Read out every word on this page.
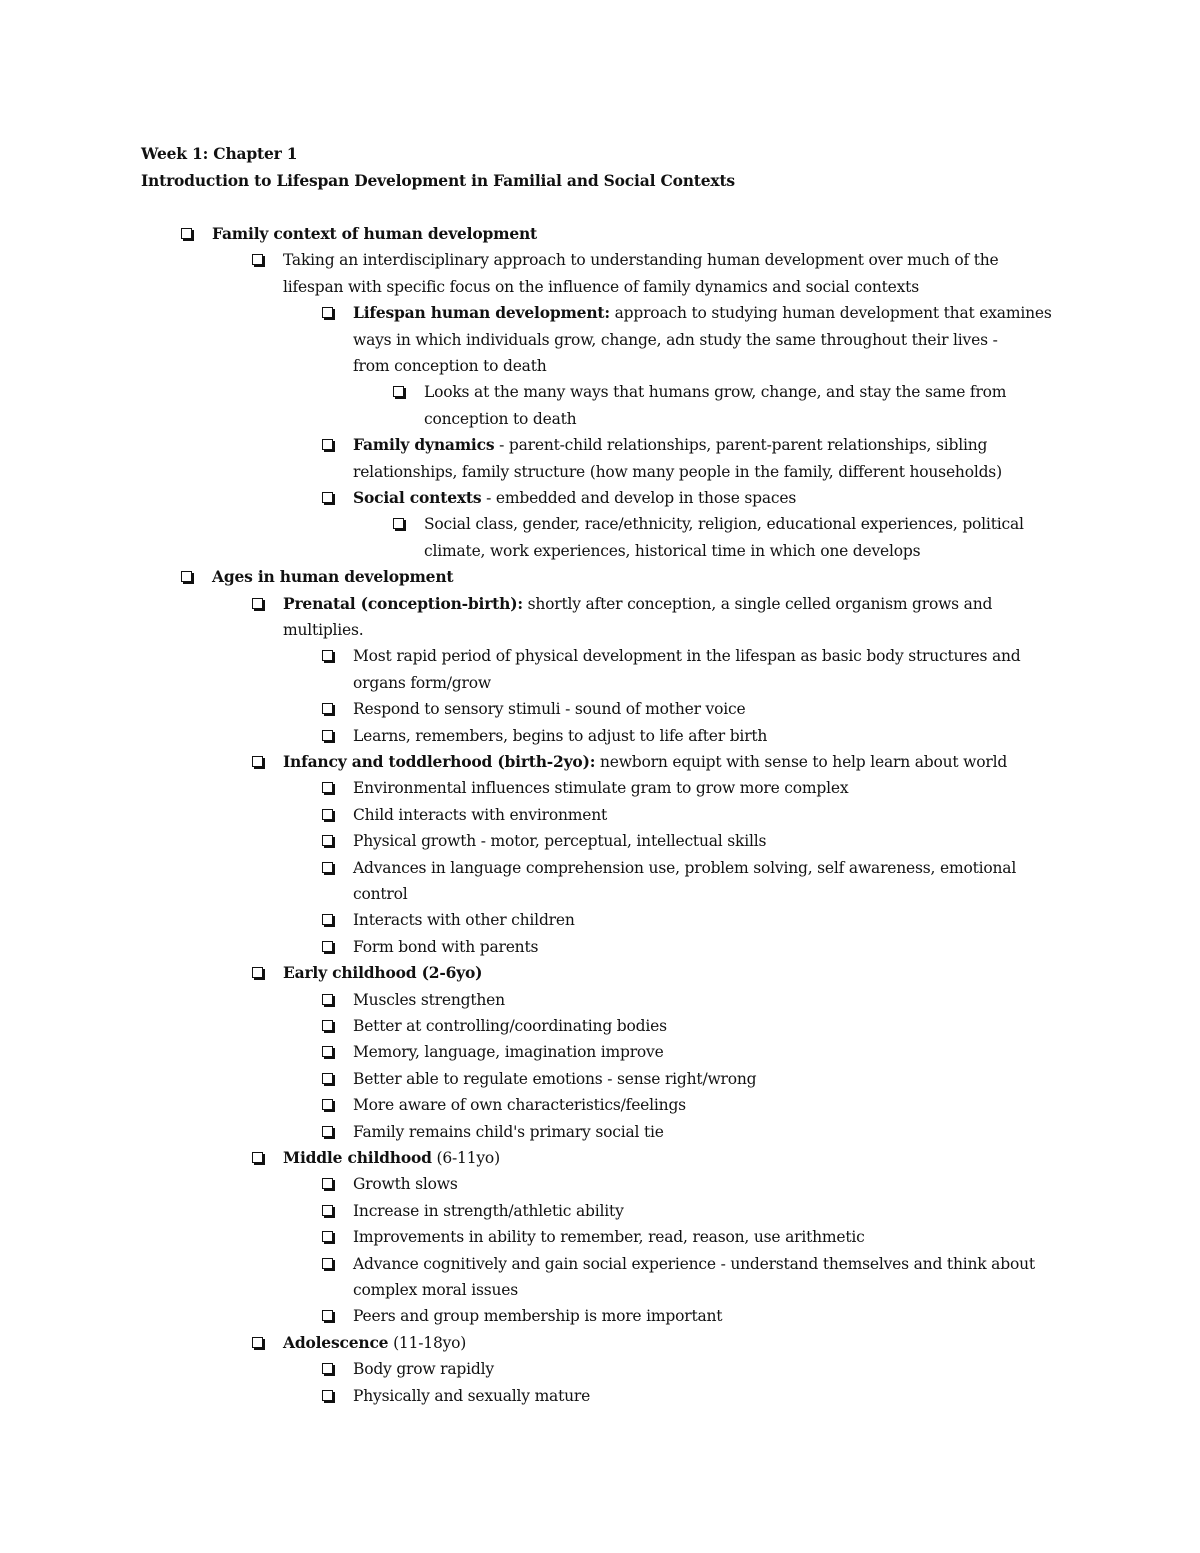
Week 1: Chapter 1
Introduction to Lifespan Development in Familial and Social Contexts
Family context of human development
Taking an interdisciplinary approach to understanding human development over much of the
lifespan with specific focus on the influence of family dynamics and social contexts
Lifespan human development: approach to studying human development that examines
ways in which individuals grow, change, adn study the same throughout their lives -
from conception to death
Looks at the many ways that humans grow, change, and stay the same from
conception to death
Family dynamics - parent-child relationships, parent-parent relationships, sibling
relationships, family structure (how many people in the family, different households)
Social contexts - embedded and develop in those spaces
Social class, gender, race/ethnicity, religion, educational experiences, political
climate, work experiences, historical time in which one develops
Ages in human development
Prenatal (conception-birth): shortly after conception, a single celled organism grows and
multiplies.
Most rapid period of physical development in the lifespan as basic body structures and
organs form/grow
Respond to sensory stimuli - sound of mother voice
Learns, remembers, begins to adjust to life after birth
Infancy and toddlerhood (birth-2yo): newborn equipt with sense to help learn about world
Environmental influences stimulate gram to grow more complex
Child interacts with environment
Physical growth - motor, perceptual, intellectual skills
Advances in language comprehension use, problem solving, self awareness, emotional
control
Interacts with other children
Form bond with parents
Early childhood (2-6yo)
Muscles strengthen
Better at controlling/coordinating bodies
Memory, language, imagination improve
Better able to regulate emotions - sense right/wrong
More aware of own characteristics/feelings
Family remains child's primary social tie
Middle childhood (6-11yo)
Growth slows
Increase in strength/athletic ability
Improvements in ability to remember, read, reason, use arithmetic
Advance cognitively and gain social experience - understand themselves and think about
complex moral issues
Peers and group membership is more important
Adolescence (11-18yo)
Body grow rapidly
Physically and sexually mature
